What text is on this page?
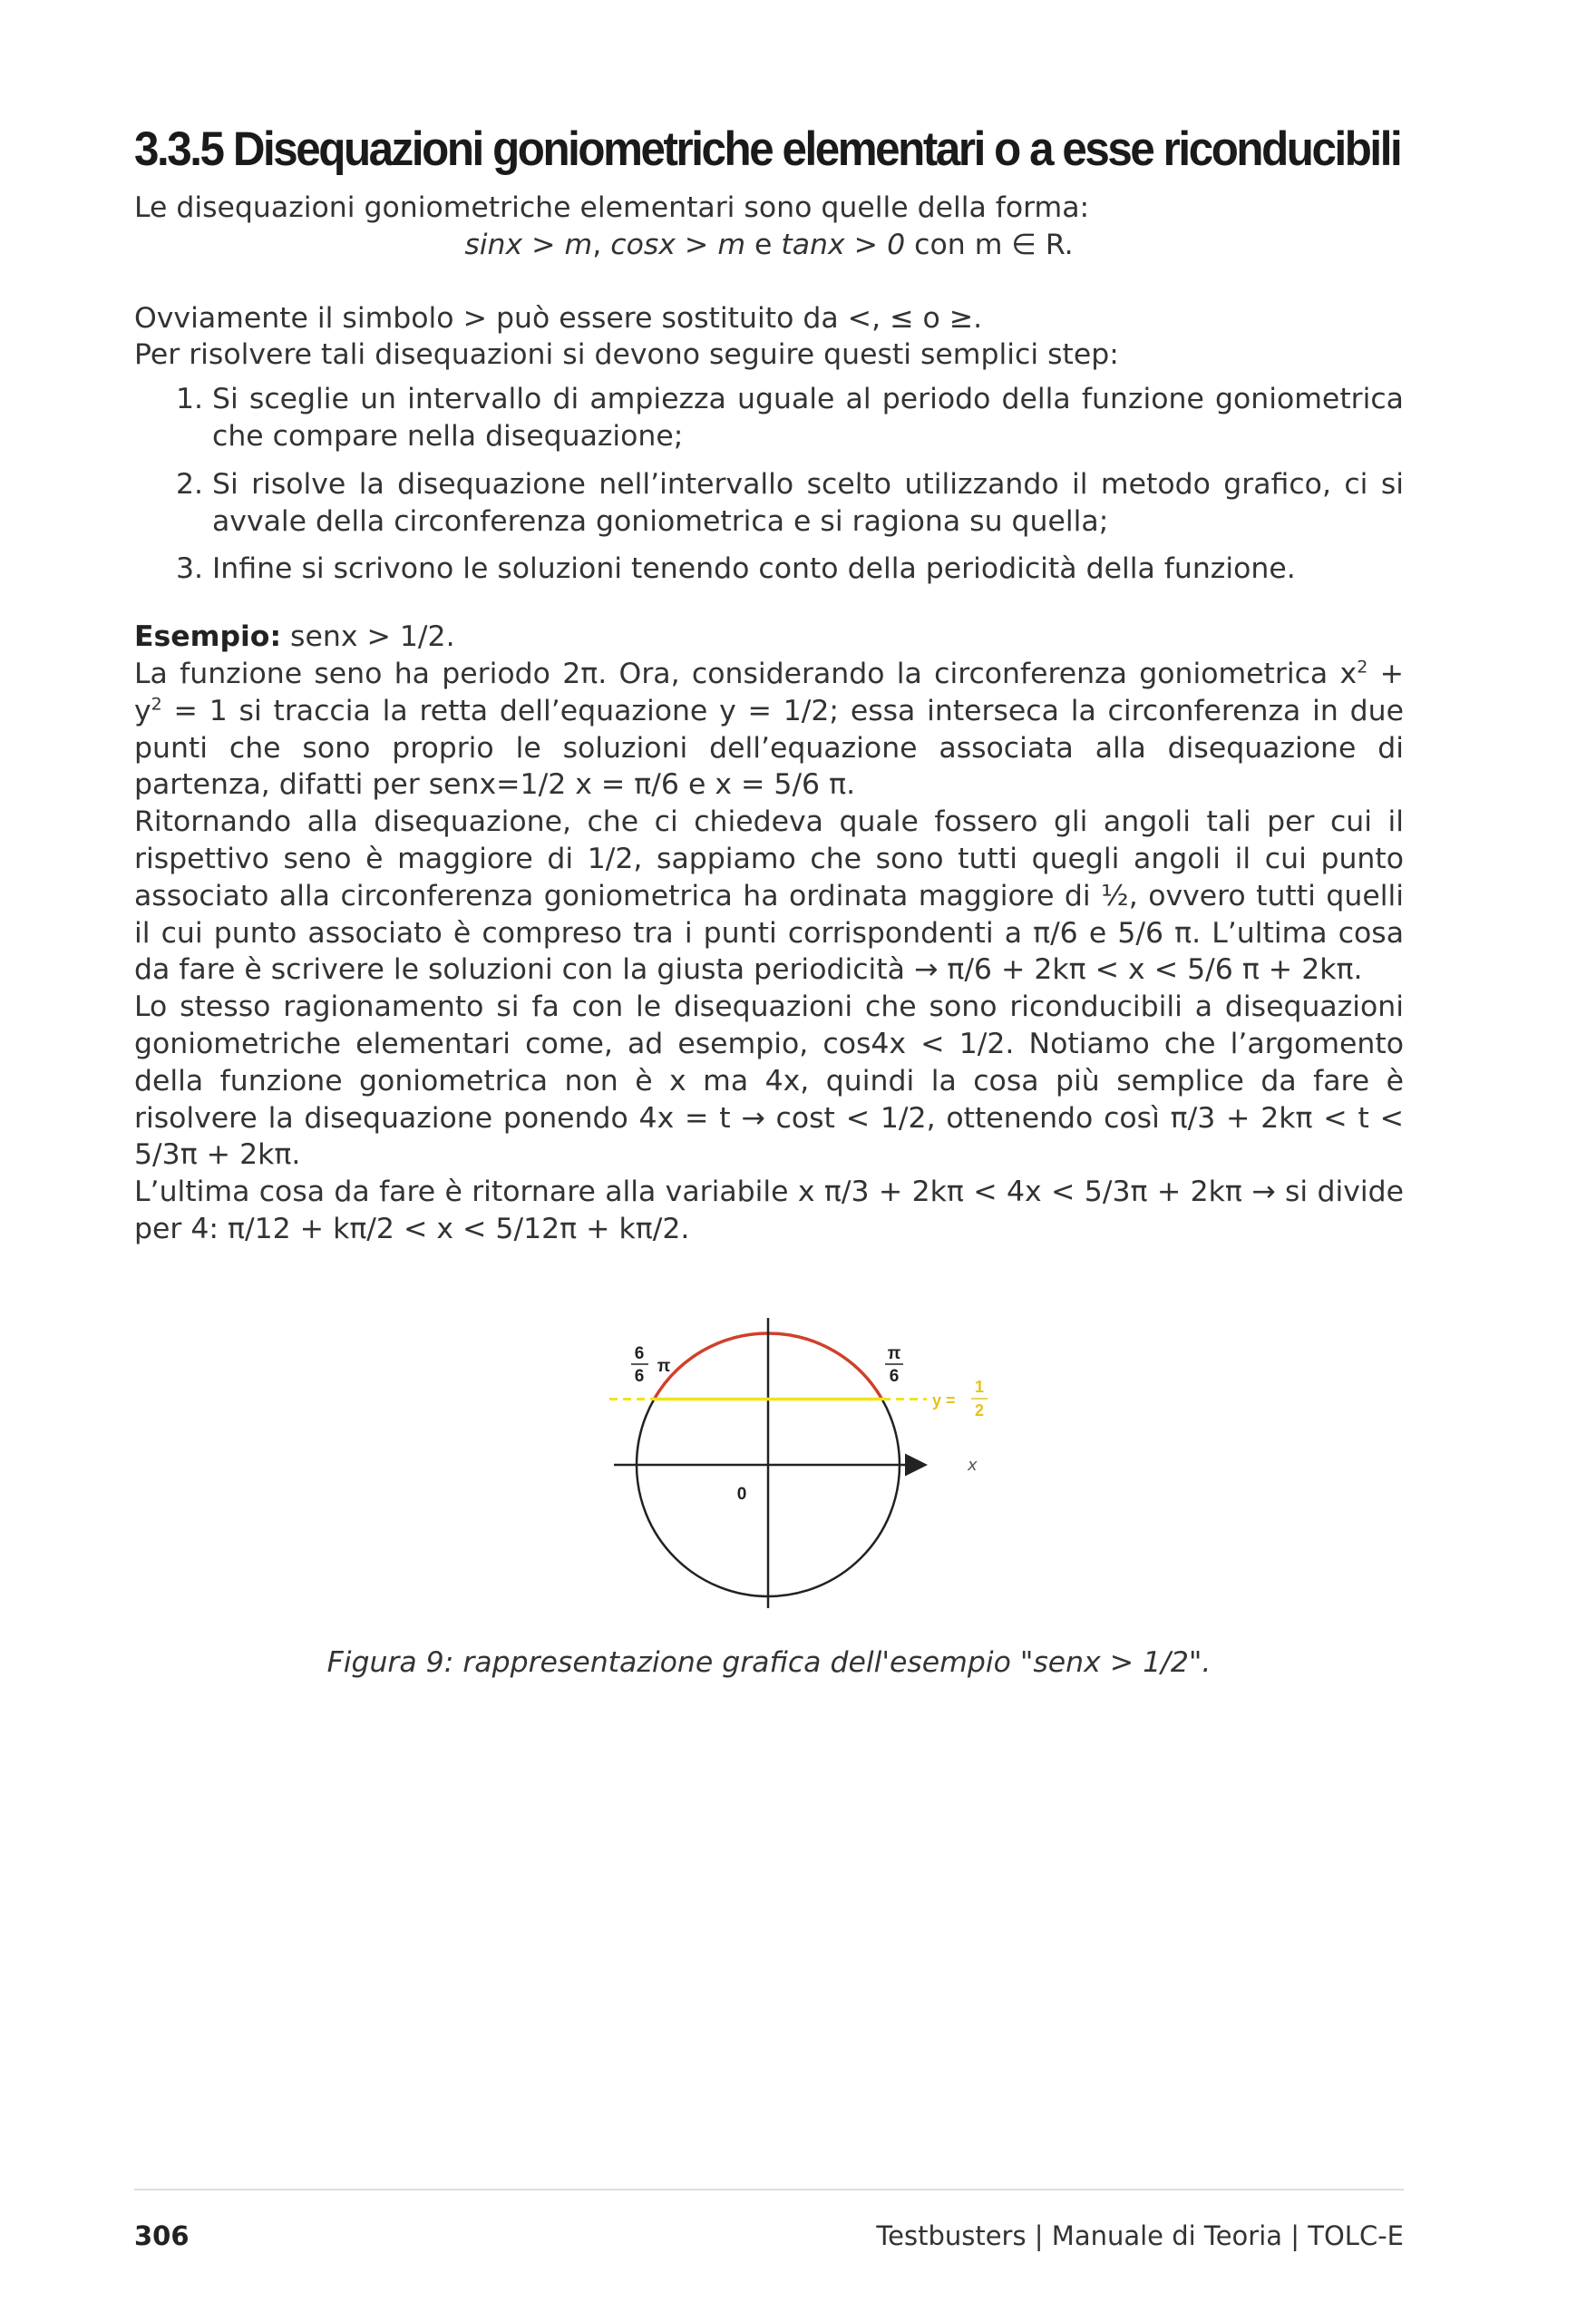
3.3.5 Disequazioni goniometriche elementari o a esse riconducibili

Le disequazioni goniometriche elementari sono quelle della forma:

sinx > m, cosx > m e tanx > 0 con m ∈ R.

Ovviamente il simbolo > può essere sostituito da <, ≤ o ≥.

Per risolvere tali disequazioni si devono seguire questi semplici step:

1. Si sceglie un intervallo di ampiezza uguale al periodo della funzione goniometrica che compare nella disequazione;
2. Si risolve la disequazione nell’intervallo scelto utilizzando il metodo grafico, ci si avvale della circonferenza goniometrica e si ragiona su quella;
3. Infine si scrivono le soluzioni tenendo conto della periodicità della funzione.

Esempio: senx > 1/2.

La funzione seno ha periodo 2π. Ora, considerando la circonferenza goniometrica $x^2 + y^2 = 1$ si traccia la retta dell’equazione y = 1/2; essa interseca la circonferenza in due punti che sono proprio le soluzioni dell’equazione associata alla disequazione di partenza, difatti per senx=1/2 x = π/6 e x = 5/6 π.

Ritornando alla disequazione, che ci chiedeva quale fossero gli angoli tali per cui il rispettivo seno è maggiore di 1/2, sappiamo che sono tutti quegli angoli il cui punto associato alla circonferenza goniometrica ha ordinata maggiore di ½, ovvero tutti quelli il cui punto associato è compreso tra i punti corrispondenti a π/6 e 5/6 π. L’ultima cosa da fare è scrivere le soluzioni con la giusta periodicità → π/6 + 2kπ < x < 5/6 π + 2kπ.

Lo stesso ragionamento si fa con le disequazioni che sono riconducibili a disequazioni goniometriche elementari come, ad esempio, cos4x < 1/2. Notiamo che l’argomento della funzione goniometrica non è x ma 4x, quindi la cosa più semplice da fare è risolvere la disequazione ponendo 4x = t → cost < 1/2, ottenendo così π/3 + 2kπ < t < 5/3π + 2kπ.

L’ultima cosa da fare è ritornare alla variabile x π/3 + 2kπ < 4x < 5/3π + 2kπ → si divide per 4: π/12 + kπ/2 < x < 5/12π + kπ/2.

6
6
π
π
6
0
y =
1
2
x
Figura 9: rappresentazione grafica dell'esempio "senx > 1/2".
306	Testbusters | Manuale di Teoria | TOLC-E
